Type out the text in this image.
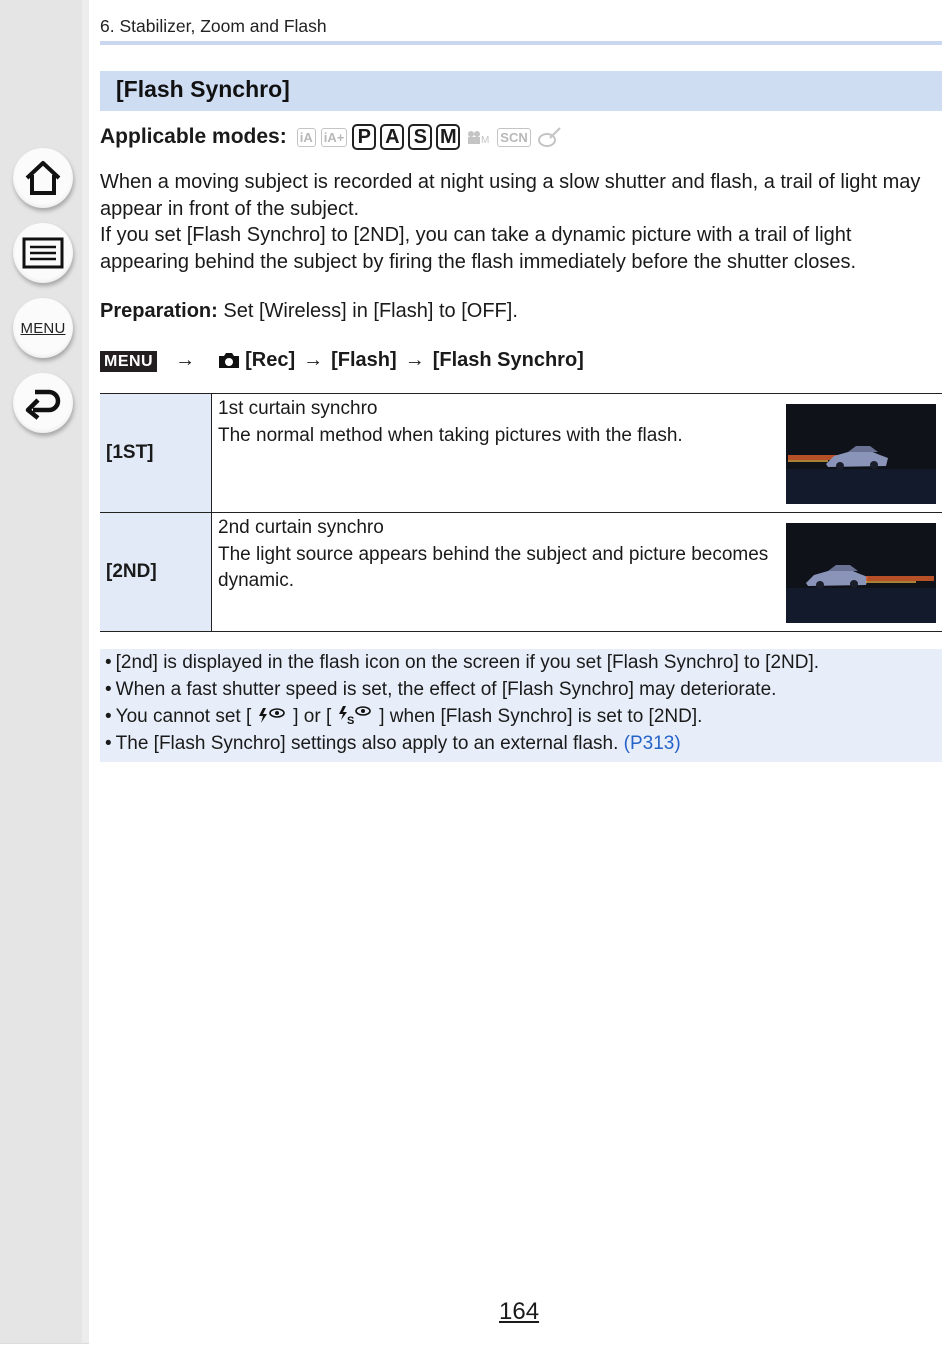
MENU
6. Stabilizer, Zoom and Flash
[Flash Synchro]
Applicable modes: iA iA+ P A S M	M SCN
When a moving subject is recorded at night using a slow shutter and flash, a trail of light may appear in front of the subject.
If you set [Flash Synchro] to [2ND], you can take a dynamic picture with a trail of light appearing behind the subject by firing the flash immediately before the shutter closes.
Preparation: Set [Wireless] in [Flash] to [OFF].
MENU →	[Rec] → [Flash] → [Flash Synchro]
[1ST]
1st curtain synchro
The normal method when taking pictures with the flash.
[2ND]
2nd curtain synchro
The light source appears behind the subject and picture becomes dynamic.
• [2nd] is displayed in the flash icon on the screen if you set [Flash Synchro] to [2ND].
• When a fast shutter speed is set, the effect of [Flash Synchro] may deteriorate.
• You cannot set [ ] or [ S ] when [Flash Synchro] is set to [2ND].
• The [Flash Synchro] settings also apply to an external flash. (P313)
164
